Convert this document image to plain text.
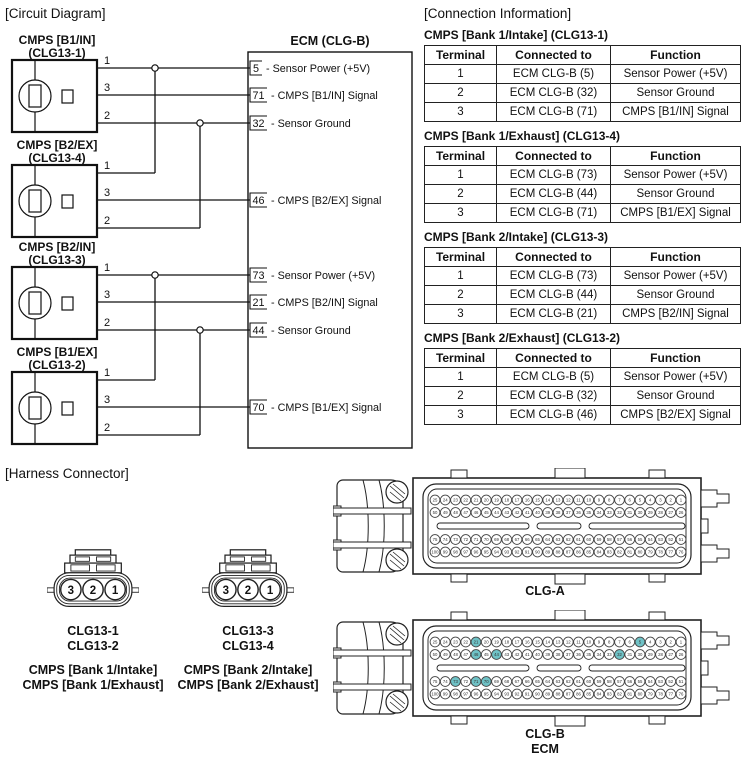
ECM (CLG-B)
CMPS [B1/IN]
(CLG13-1)
1
3
2
CMPS [B2/EX]
(CLG13-4)
1
3
2
CMPS [B2/IN]
(CLG13-3)
1
3
2
CMPS [B1/EX]
(CLG13-2)
1
3
2
5 - Sensor Power (+5V)
71 - CMPS [B1/IN] Signal
32 - Sensor Ground
46 - CMPS [B2/EX] Signal
73 - Sensor Power (+5V)
21 - CMPS [B2/IN] Signal
44 - Sensor Ground
70 - CMPS [B1/EX] Signal
[Circuit Diagram]	[Connection Information]
CMPS [Bank 1/Intake] (CLG13-1)
Terminal	Connected to	Function
1	ECM CLG-B (5)	Sensor Power (+5V)
2	ECM CLG-B (32)	Sensor Ground
3	ECM CLG-B (71)	CMPS [B1/IN] Signal
CMPS [Bank 1/Exhaust] (CLG13-4)
Terminal	Connected to	Function
1	ECM CLG-B (73)	Sensor Power (+5V)
2	ECM CLG-B (44)	Sensor Ground
3	ECM CLG-B (71)	CMPS [B1/EX] Signal
CMPS [Bank 2/Intake] (CLG13-3)
Terminal	Connected to	Function
1	ECM CLG-B (73)	Sensor Power (+5V)
2	ECM CLG-B (44)	Sensor Ground
3	ECM CLG-B (21)	CMPS [B2/IN] Signal
CMPS [Bank 2/Exhaust] (CLG13-2)
Terminal	Connected to	Function
1	ECM CLG-B (5)	Sensor Power (+5V)
2	ECM CLG-B (32)	Sensor Ground
3	ECM CLG-B (46)	CMPS [B2/EX] Signal
[Harness Connector]
3 2 1	3 2 1
CLG13-1
CLG13-2
CMPS [Bank 1/Intake]
CMPS [Bank 1/Exhaust]
CLG13-3
CLG13-4
CMPS [Bank 2/Intake]
CMPS [Bank 2/Exhaust]
25 24 23 22 21 20 19 18 17 16 15 14 13 12 11 10 9 8 7 6 5 4 3 2 1
50 49 48 47 46 45 44 43 42 41 40 39 38 37 36 35 34 33 32 31 30 29 28 27 26
75 74 73 72 71 70 69 68 67 66 65 64 63 62 61 60 59 58 57 56 55 54 53 52 51
100 99 98 97 96 95 94 93 92 91 90 89 88 87 86 85 84 83 82 81 80 79 78 77 76
CLG-A
25 24 23 22 21 20 19 18 17 16 15 14 13 12 11 10 9 8 7 6 5 4 3 2 1
50 49 48 47 46 45 44 43 42 41 40 39 38 37 36 35 34 33 32 31 30 29 28 27 26
75 74 73 72 71 70 69 68 67 66 65 64 63 62 61 60 59 58 57 56 55 54 53 52 51
100 99 98 97 96 95 94 93 92 91 90 89 88 87 86 85 84 83 82 81 80 79 78 77 76
CLG-B
ECM
